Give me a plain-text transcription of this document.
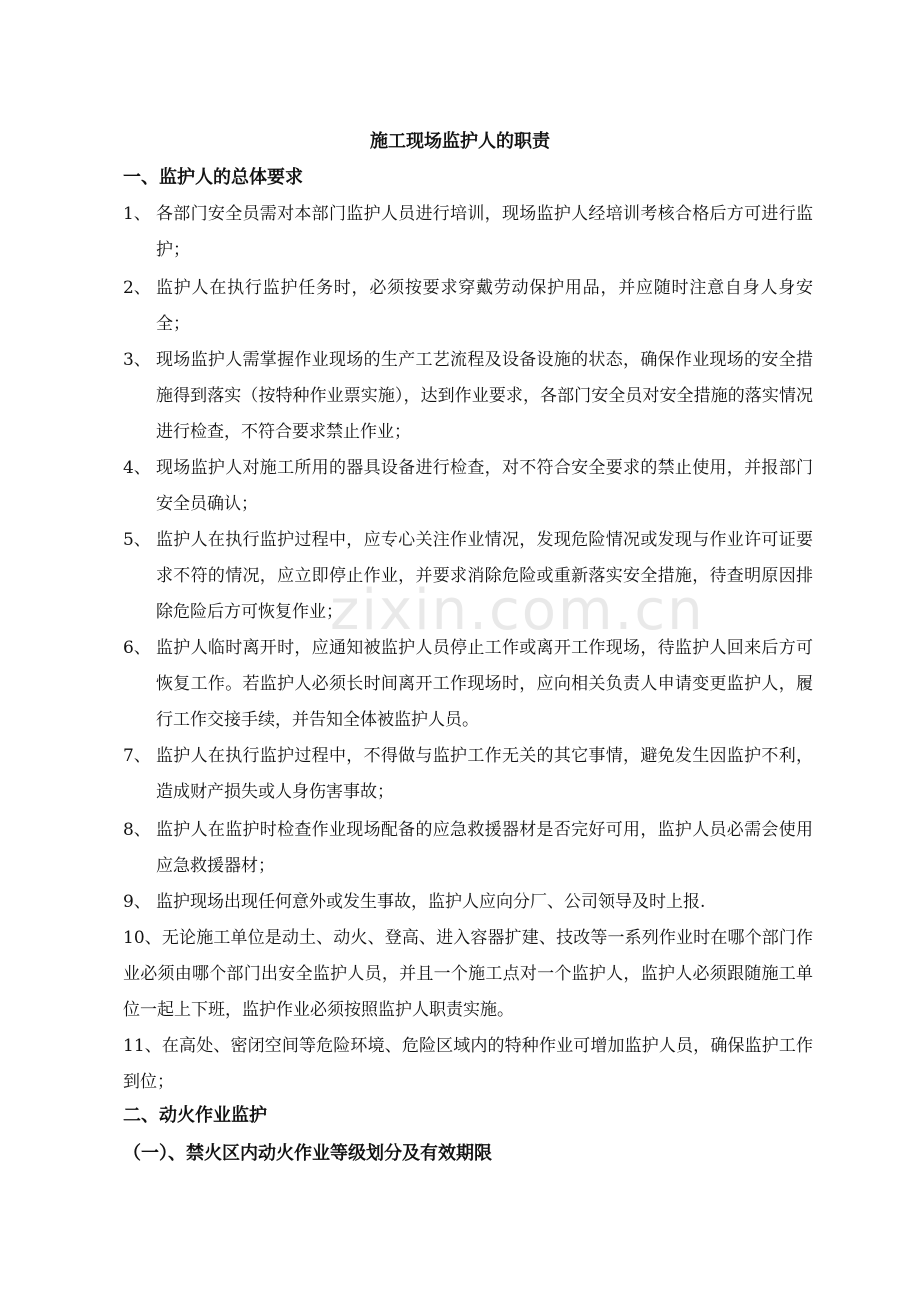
zixin.com.cn
施工现场监护人的职责
一、监护人的总体要求
1、 各部门安全员需对本部门监护人员进行培训，现场监护人经培训考核合格后方可进行监护；
2、 监护人在执行监护任务时，必须按要求穿戴劳动保护用品，并应随时注意自身人身安全；
3、 现场监护人需掌握作业现场的生产工艺流程及设备设施的状态，确保作业现场的安全措施得到落实（按特种作业票实施），达到作业要求，各部门安全员对安全措施的落实情况进行检查，不符合要求禁止作业；
4、 现场监护人对施工所用的器具设备进行检查，对不符合安全要求的禁止使用，并报部门安全员确认；
5、 监护人在执行监护过程中，应专心关注作业情况，发现危险情况或发现与作业许可证要求不符的情况，应立即停止作业，并要求消除危险或重新落实安全措施，待查明原因排除危险后方可恢复作业；
6、 监护人临时离开时，应通知被监护人员停止工作或离开工作现场，待监护人回来后方可恢复工作。若监护人必须长时间离开工作现场时，应向相关负责人申请变更监护人，履行工作交接手续，并告知全体被监护人员。
7、 监护人在执行监护过程中，不得做与监护工作无关的其它事情，避免发生因监护不利，造成财产损失或人身伤害事故；
8、 监护人在监护时检查作业现场配备的应急救援器材是否完好可用，监护人员必需会使用应急救援器材；
9、 监护现场出现任何意外或发生事故，监护人应向分厂、公司领导及时上报.
10、无论施工单位是动土、动火、登高、进入容器扩建、技改等一系列作业时在哪个部门作业必须由哪个部门出安全监护人员，并且一个施工点对一个监护人，监护人必须跟随施工单位一起上下班，监护作业必须按照监护人职责实施。
11、在高处、密闭空间等危险环境、危险区域内的特种作业可增加监护人员，确保监护工作到位；
二、动火作业监护
（一）、禁火区内动火作业等级划分及有效期限
